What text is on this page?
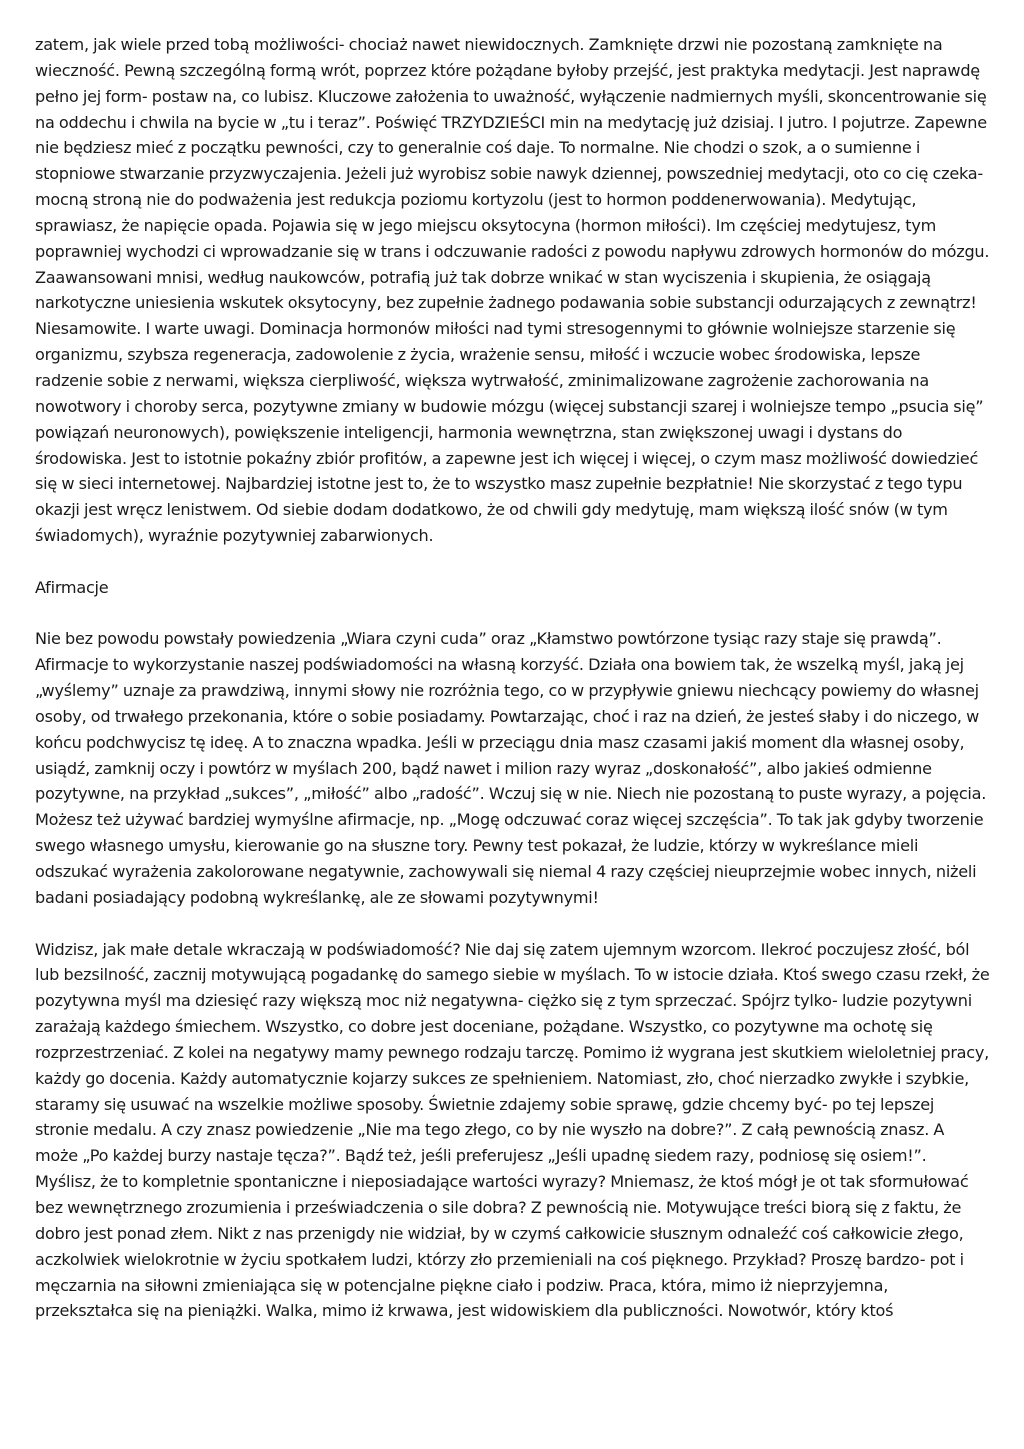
zatem, jak wiele przed tobą możliwości- chociaż nawet niewidocznych. Zamknięte drzwi nie pozostaną zamknięte na wieczność. Pewną szczególną formą wrót, poprzez które pożądane byłoby przejść, jest praktyka medytacji. Jest naprawdę pełno jej form- postaw na, co lubisz. Kluczowe założenia to uważność, wyłączenie nadmiernych myśli, skoncentrowanie się na oddechu i chwila na bycie w „tu i teraz”. Poświęć TRZYDZIEŚCI min na medytację już dzisiaj. I jutro. I pojutrze. Zapewne nie będziesz mieć z początku pewności, czy to generalnie coś daje. To normalne. Nie chodzi o szok, a o sumienne i stopniowe stwarzanie przyzwyczajenia. Jeżeli już wyrobisz sobie nawyk dziennej, powszedniej medytacji, oto co cię czeka- mocną stroną nie do podważenia jest redukcja poziomu kortyzolu (jest to hormon poddenerwowania). Medytując, sprawiasz, że napięcie opada. Pojawia się w jego miejscu oksytocyna (hormon miłości). Im częściej medytujesz, tym poprawniej wychodzi ci wprowadzanie się w trans i odczuwanie radości z powodu napływu zdrowych hormonów do mózgu. Zaawansowani mnisi, według naukowców, potrafią już tak dobrze wnikać w stan wyciszenia i skupienia, że osiągają narkotyczne uniesienia wskutek oksytocyny, bez zupełnie żadnego podawania sobie substancji odurzających z zewnątrz! Niesamowite. I warte uwagi. Dominacja hormonów miłości nad tymi stresogennymi to głównie wolniejsze starzenie się organizmu, szybsza regeneracja, zadowolenie z życia, wrażenie sensu, miłość i wczucie wobec środowiska, lepsze radzenie sobie z nerwami, większa cierpliwość, większa wytrwałość, zminimalizowane zagrożenie zachorowania na nowotwory i choroby serca, pozytywne zmiany w budowie mózgu (więcej substancji szarej i wolniejsze tempo „psucia się” powiązań neuronowych), powiększenie inteligencji, harmonia wewnętrzna, stan zwiększonej uwagi i dystans do środowiska. Jest to istotnie pokaźny zbiór profitów, a zapewne jest ich więcej i więcej, o czym masz możliwość dowiedzieć się w sieci internetowej. Najbardziej istotne jest to, że to wszystko masz zupełnie bezpłatnie! Nie skorzystać z tego typu okazji jest wręcz lenistwem. Od siebie dodam dodatkowo, że od chwili gdy medytuję, mam większą ilość snów (w tym świadomych), wyraźnie pozytywniej zabarwionych.

Afirmacje

Nie bez powodu powstały powiedzenia „Wiara czyni cuda” oraz „Kłamstwo powtórzone tysiąc razy staje się prawdą”. Afirmacje to wykorzystanie naszej podświadomości na własną korzyść. Działa ona bowiem tak, że wszelką myśl, jaką jej „wyślemy” uznaje za prawdziwą, innymi słowy nie rozróżnia tego, co w przypływie gniewu niechcący powiemy do własnej osoby, od trwałego przekonania, które o sobie posiadamy. Powtarzając, choć i raz na dzień, że jesteś słaby i do niczego, w końcu podchwycisz tę ideę. A to znaczna wpadka. Jeśli w przeciągu dnia masz czasami jakiś moment dla własnej osoby, usiądź, zamknij oczy i powtórz w myślach 200, bądź nawet i milion razy wyraz „doskonałość”, albo jakieś odmienne pozytywne, na przykład „sukces”, „miłość” albo „radość”. Wczuj się w nie. Niech nie pozostaną to puste wyrazy, a pojęcia. Możesz też używać bardziej wymyślne afirmacje, np. „Mogę odczuwać coraz więcej szczęścia”. To tak jak gdyby tworzenie swego własnego umysłu, kierowanie go na słuszne tory. Pewny test pokazał, że ludzie, którzy w wykreślance mieli odszukać wyrażenia zakolorowane negatywnie, zachowywali się niemal 4 razy częściej nieuprzejmie wobec innych, niżeli badani posiadający podobną wykreślankę, ale ze słowami pozytywnymi!

Widzisz, jak małe detale wkraczają w podświadomość? Nie daj się zatem ujemnym wzorcom. Ilekroć poczujesz złość, ból lub bezsilność, zacznij motywującą pogadankę do samego siebie w myślach. To w istocie działa. Ktoś swego czasu rzekł, że pozytywna myśl ma dziesięć razy większą moc niż negatywna- ciężko się z tym sprzeczać. Spójrz tylko- ludzie pozytywni zarażają każdego śmiechem. Wszystko, co dobre jest doceniane, pożądane. Wszystko, co pozytywne ma ochotę się rozprzestrzeniać. Z kolei na negatywy mamy pewnego rodzaju tarczę. Pomimo iż wygrana jest skutkiem wieloletniej pracy, każdy go docenia. Każdy automatycznie kojarzy sukces ze spełnieniem. Natomiast, zło, choć nierzadko zwykłe i szybkie, staramy się usuwać na wszelkie możliwe sposoby. Świetnie zdajemy sobie sprawę, gdzie chcemy być- po tej lepszej stronie medalu. A czy znasz powiedzenie „Nie ma tego złego, co by nie wyszło na dobre?”. Z całą pewnością znasz. A może „Po każdej burzy nastaje tęcza?”. Bądź też, jeśli preferujesz „Jeśli upadnę siedem razy, podniosę się osiem!”. Myślisz, że to kompletnie spontaniczne i nieposiadające wartości wyrazy? Mniemasz, że ktoś mógł je ot tak sformułować bez wewnętrznego zrozumienia i przeświadczenia o sile dobra? Z pewnością nie. Motywujące treści biorą się z faktu, że dobro jest ponad złem. Nikt z nas przenigdy nie widział, by w czymś całkowicie słusznym odnaleźć coś całkowicie złego, aczkolwiek wielokrotnie w życiu spotkałem ludzi, którzy zło przemieniali na coś pięknego. Przykład? Proszę bardzo- pot i męczarnia na siłowni zmieniająca się w potencjalne piękne ciało i podziw. Praca, która, mimo iż nieprzyjemna, przekształca się na pieniążki. Walka, mimo iż krwawa, jest widowiskiem dla publiczności. Nowotwór, który ktoś
